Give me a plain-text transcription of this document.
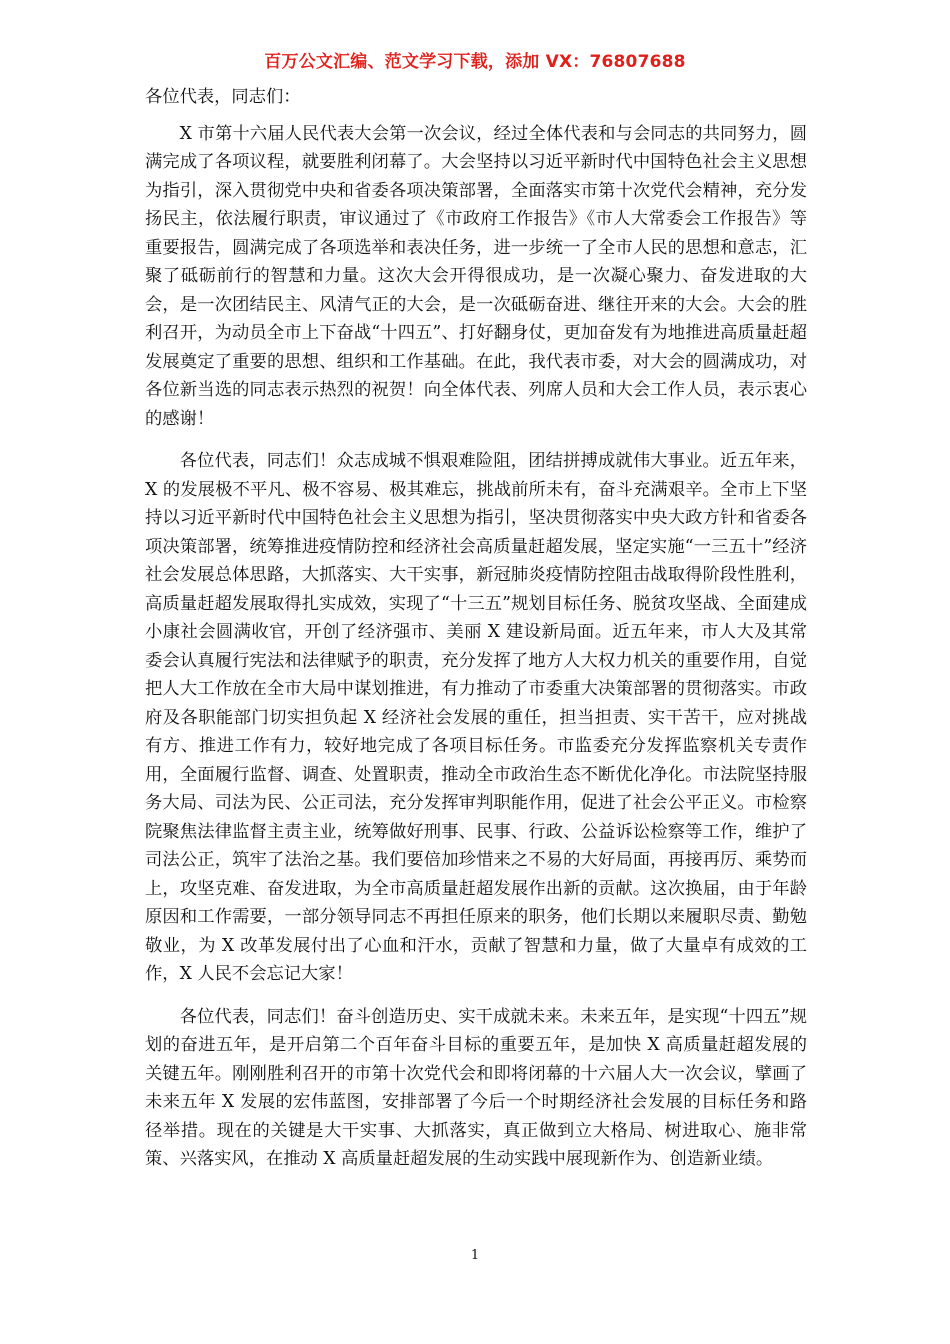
百万公文汇编、范文学习下载，添加 VX：76807688

各位代表，同志们：

X 市第十六届人民代表大会第一次会议，经过全体代表和与会同志的共同努力，圆满完成了各项议程，就要胜利闭幕了。大会坚持以习近平新时代中国特色社会主义思想为指引，深入贯彻党中央和省委各项决策部署，全面落实市第十次党代会精神，充分发扬民主，依法履行职责，审议通过了《市政府工作报告》《市人大常委会工作报告》等重要报告，圆满完成了各项选举和表决任务，进一步统一了全市人民的思想和意志，汇聚了砥砺前行的智慧和力量。这次大会开得很成功，是一次凝心聚力、奋发进取的大会，是一次团结民主、风清气正的大会，是一次砥砺奋进、继往开来的大会。大会的胜利召开，为动员全市上下奋战“十四五”、打好翻身仗，更加奋发有为地推进高质量赶超发展奠定了重要的思想、组织和工作基础。在此，我代表市委，对大会的圆满成功，对各位新当选的同志表示热烈的祝贺！向全体代表、列席人员和大会工作人员，表示衷心的感谢！

各位代表，同志们！众志成城不惧艰难险阻，团结拼搏成就伟大事业。近五年来，X 的发展极不平凡、极不容易、极其难忘，挑战前所未有，奋斗充满艰辛。全市上下坚持以习近平新时代中国特色社会主义思想为指引，坚决贯彻落实中央大政方针和省委各项决策部署，统筹推进疫情防控和经济社会高质量赶超发展，坚定实施“一三五十”经济社会发展总体思路，大抓落实、大干实事，新冠肺炎疫情防控阻击战取得阶段性胜利，高质量赶超发展取得扎实成效，实现了“十三五”规划目标任务、脱贫攻坚战、全面建成小康社会圆满收官，开创了经济强市、美丽 X 建设新局面。近五年来，市人大及其常委会认真履行宪法和法律赋予的职责，充分发挥了地方人大权力机关的重要作用，自觉把人大工作放在全市大局中谋划推进，有力推动了市委重大决策部署的贯彻落实。市政府及各职能部门切实担负起 X 经济社会发展的重任，担当担责、实干苦干，应对挑战有方、推进工作有力，较好地完成了各项目标任务。市监委充分发挥监察机关专责作用，全面履行监督、调查、处置职责，推动全市政治生态不断优化净化。市法院坚持服务大局、司法为民、公正司法，充分发挥审判职能作用，促进了社会公平正义。市检察院聚焦法律监督主责主业，统筹做好刑事、民事、行政、公益诉讼检察等工作，维护了司法公正，筑牢了法治之基。我们要倍加珍惜来之不易的大好局面，再接再厉、乘势而上，攻坚克难、奋发进取，为全市高质量赶超发展作出新的贡献。这次换届，由于年龄原因和工作需要，一部分领导同志不再担任原来的职务，他们长期以来履职尽责、勤勉敬业，为 X 改革发展付出了心血和汗水，贡献了智慧和力量，做了大量卓有成效的工作，X 人民不会忘记大家！

各位代表，同志们！奋斗创造历史、实干成就未来。未来五年，是实现“十四五”规划的奋进五年，是开启第二个百年奋斗目标的重要五年，是加快 X 高质量赶超发展的关键五年。刚刚胜利召开的市第十次党代会和即将闭幕的十六届人大一次会议，擘画了未来五年 X 发展的宏伟蓝图，安排部署了今后一个时期经济社会发展的目标任务和路径举措。现在的关键是大干实事、大抓落实，真正做到立大格局、树进取心、施非常策、兴落实风，在推动 X 高质量赶超发展的生动实践中展现新作为、创造新业绩。

1
